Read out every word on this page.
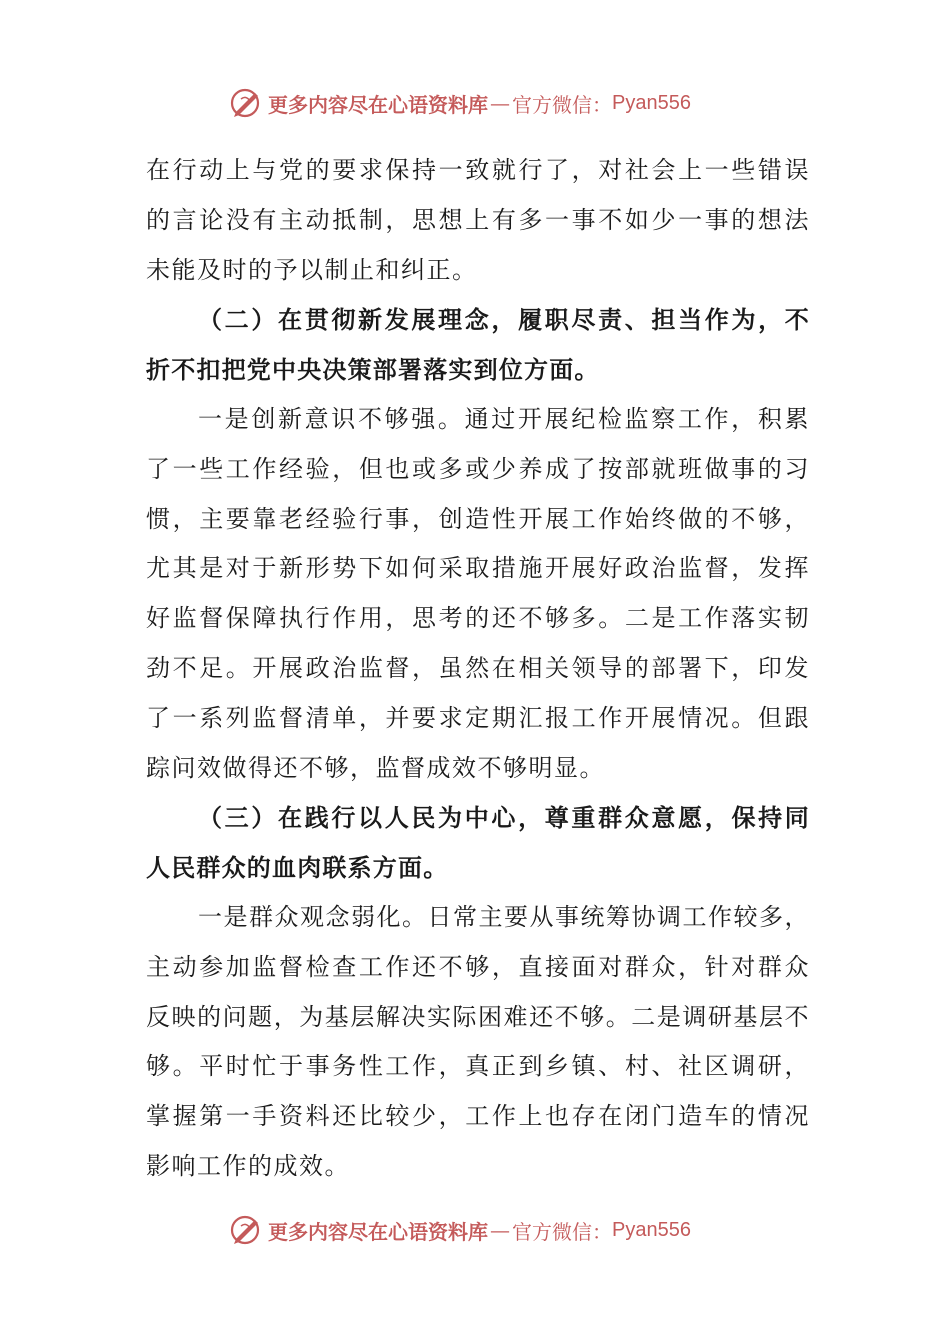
更多内容尽在心语资料库 — 官方微信： Pyan556
在行动上与党的要求保持一致就行了，对社会上一些错误
的言论没有主动抵制，思想上有多一事不如少一事的想法
未能及时的予以制止和纠正。
（二）在贯彻新发展理念，履职尽责、担当作为，不
折不扣把党中央决策部署落实到位方面。
一是创新意识不够强。通过开展纪检监察工作，积累
了一些工作经验，但也或多或少养成了按部就班做事的习
惯，主要靠老经验行事，创造性开展工作始终做的不够，
尤其是对于新形势下如何采取措施开展好政治监督，发挥
好监督保障执行作用，思考的还不够多。二是工作落实韧
劲不足。开展政治监督，虽然在相关领导的部署下，印发
了一系列监督清单，并要求定期汇报工作开展情况。但跟
踪问效做得还不够，监督成效不够明显。
（三）在践行以人民为中心，尊重群众意愿，保持同
人民群众的血肉联系方面。
一是群众观念弱化。日常主要从事统筹协调工作较多，
主动参加监督检查工作还不够，直接面对群众，针对群众
反映的问题，为基层解决实际困难还不够。二是调研基层不
够。平时忙于事务性工作，真正到乡镇、村、社区调研，
掌握第一手资料还比较少，工作上也存在闭门造车的情况
影响工作的成效。
更多内容尽在心语资料库 — 官方微信： Pyan556
